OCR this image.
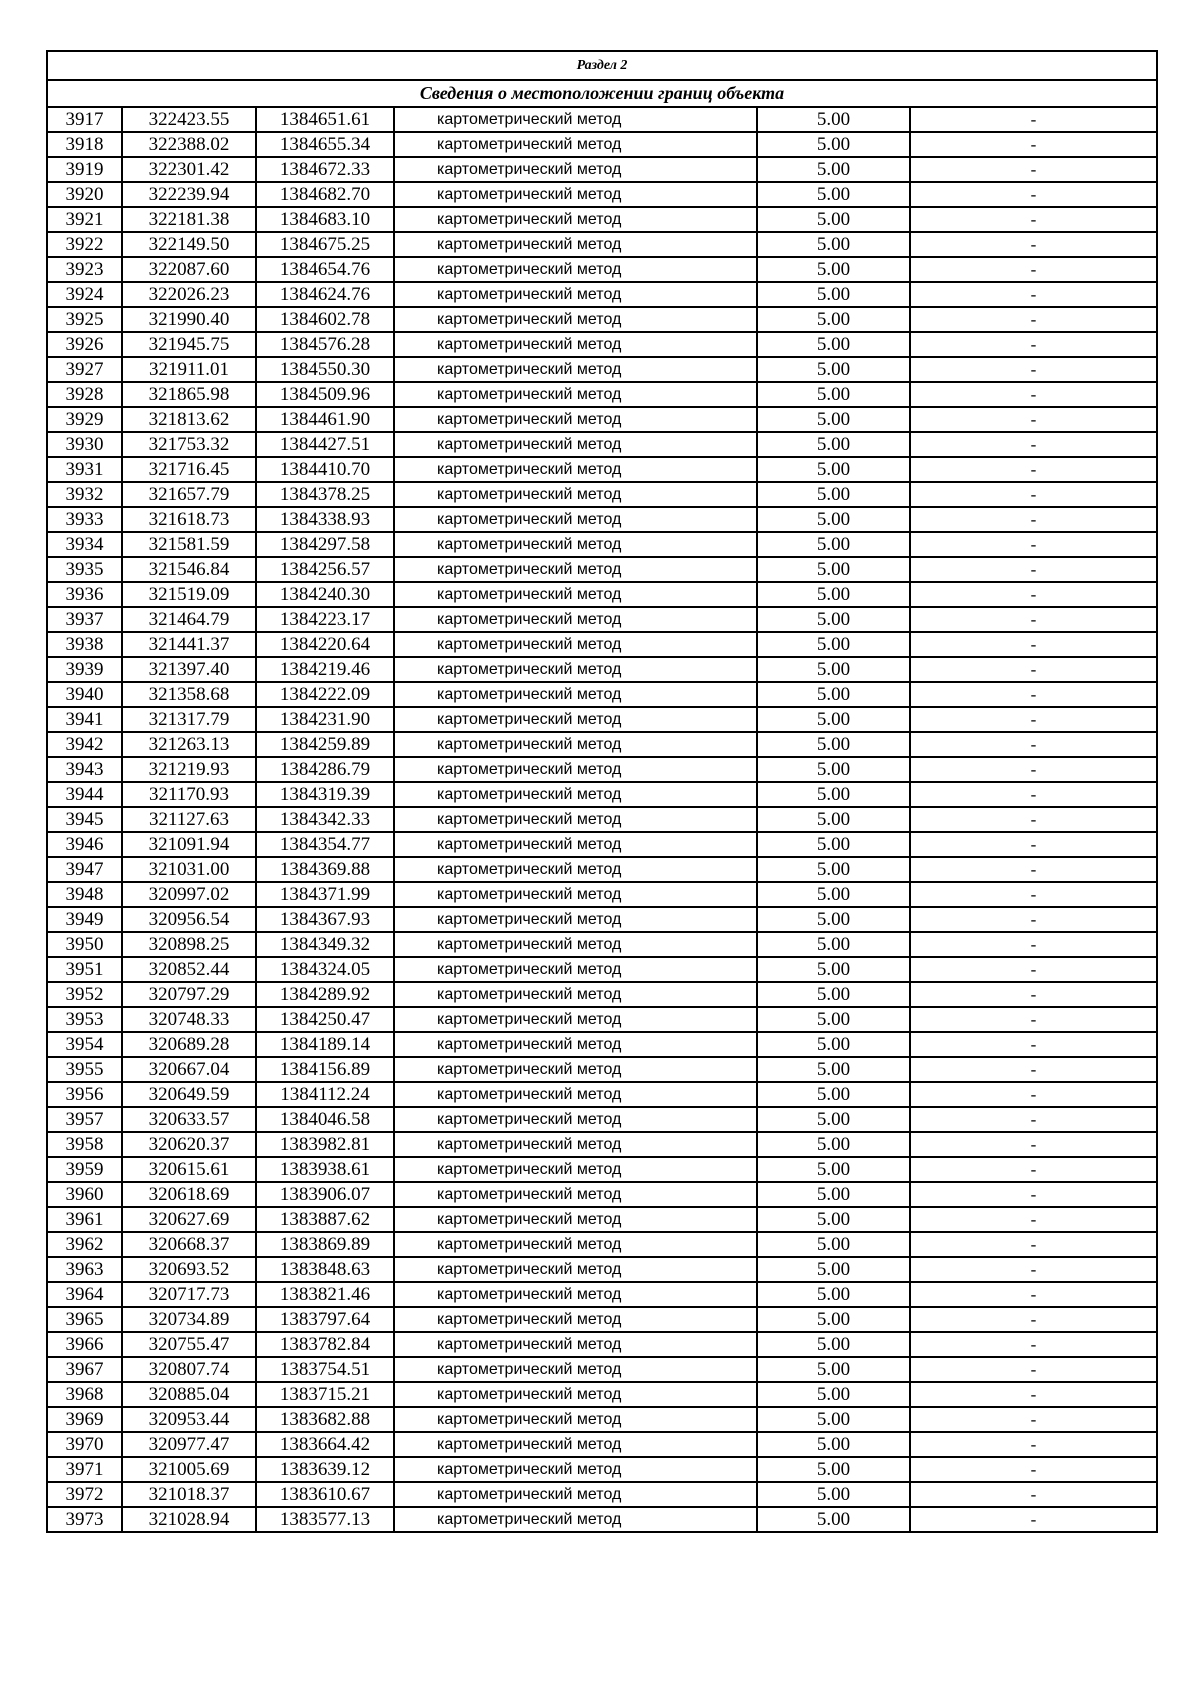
Раздел 2					
Сведения о местоположении границ объекта					
3917	322423.55	1384651.61	картометрический метод	5.00	-
3918	322388.02	1384655.34	картометрический метод	5.00	-
3919	322301.42	1384672.33	картометрический метод	5.00	-
3920	322239.94	1384682.70	картометрический метод	5.00	-
3921	322181.38	1384683.10	картометрический метод	5.00	-
3922	322149.50	1384675.25	картометрический метод	5.00	-
3923	322087.60	1384654.76	картометрический метод	5.00	-
3924	322026.23	1384624.76	картометрический метод	5.00	-
3925	321990.40	1384602.78	картометрический метод	5.00	-
3926	321945.75	1384576.28	картометрический метод	5.00	-
3927	321911.01	1384550.30	картометрический метод	5.00	-
3928	321865.98	1384509.96	картометрический метод	5.00	-
3929	321813.62	1384461.90	картометрический метод	5.00	-
3930	321753.32	1384427.51	картометрический метод	5.00	-
3931	321716.45	1384410.70	картометрический метод	5.00	-
3932	321657.79	1384378.25	картометрический метод	5.00	-
3933	321618.73	1384338.93	картометрический метод	5.00	-
3934	321581.59	1384297.58	картометрический метод	5.00	-
3935	321546.84	1384256.57	картометрический метод	5.00	-
3936	321519.09	1384240.30	картометрический метод	5.00	-
3937	321464.79	1384223.17	картометрический метод	5.00	-
3938	321441.37	1384220.64	картометрический метод	5.00	-
3939	321397.40	1384219.46	картометрический метод	5.00	-
3940	321358.68	1384222.09	картометрический метод	5.00	-
3941	321317.79	1384231.90	картометрический метод	5.00	-
3942	321263.13	1384259.89	картометрический метод	5.00	-
3943	321219.93	1384286.79	картометрический метод	5.00	-
3944	321170.93	1384319.39	картометрический метод	5.00	-
3945	321127.63	1384342.33	картометрический метод	5.00	-
3946	321091.94	1384354.77	картометрический метод	5.00	-
3947	321031.00	1384369.88	картометрический метод	5.00	-
3948	320997.02	1384371.99	картометрический метод	5.00	-
3949	320956.54	1384367.93	картометрический метод	5.00	-
3950	320898.25	1384349.32	картометрический метод	5.00	-
3951	320852.44	1384324.05	картометрический метод	5.00	-
3952	320797.29	1384289.92	картометрический метод	5.00	-
3953	320748.33	1384250.47	картометрический метод	5.00	-
3954	320689.28	1384189.14	картометрический метод	5.00	-
3955	320667.04	1384156.89	картометрический метод	5.00	-
3956	320649.59	1384112.24	картометрический метод	5.00	-
3957	320633.57	1384046.58	картометрический метод	5.00	-
3958	320620.37	1383982.81	картометрический метод	5.00	-
3959	320615.61	1383938.61	картометрический метод	5.00	-
3960	320618.69	1383906.07	картометрический метод	5.00	-
3961	320627.69	1383887.62	картометрический метод	5.00	-
3962	320668.37	1383869.89	картометрический метод	5.00	-
3963	320693.52	1383848.63	картометрический метод	5.00	-
3964	320717.73	1383821.46	картометрический метод	5.00	-
3965	320734.89	1383797.64	картометрический метод	5.00	-
3966	320755.47	1383782.84	картометрический метод	5.00	-
3967	320807.74	1383754.51	картометрический метод	5.00	-
3968	320885.04	1383715.21	картометрический метод	5.00	-
3969	320953.44	1383682.88	картометрический метод	5.00	-
3970	320977.47	1383664.42	картометрический метод	5.00	-
3971	321005.69	1383639.12	картометрический метод	5.00	-
3972	321018.37	1383610.67	картометрический метод	5.00	-
3973	321028.94	1383577.13	картометрический метод	5.00	-
